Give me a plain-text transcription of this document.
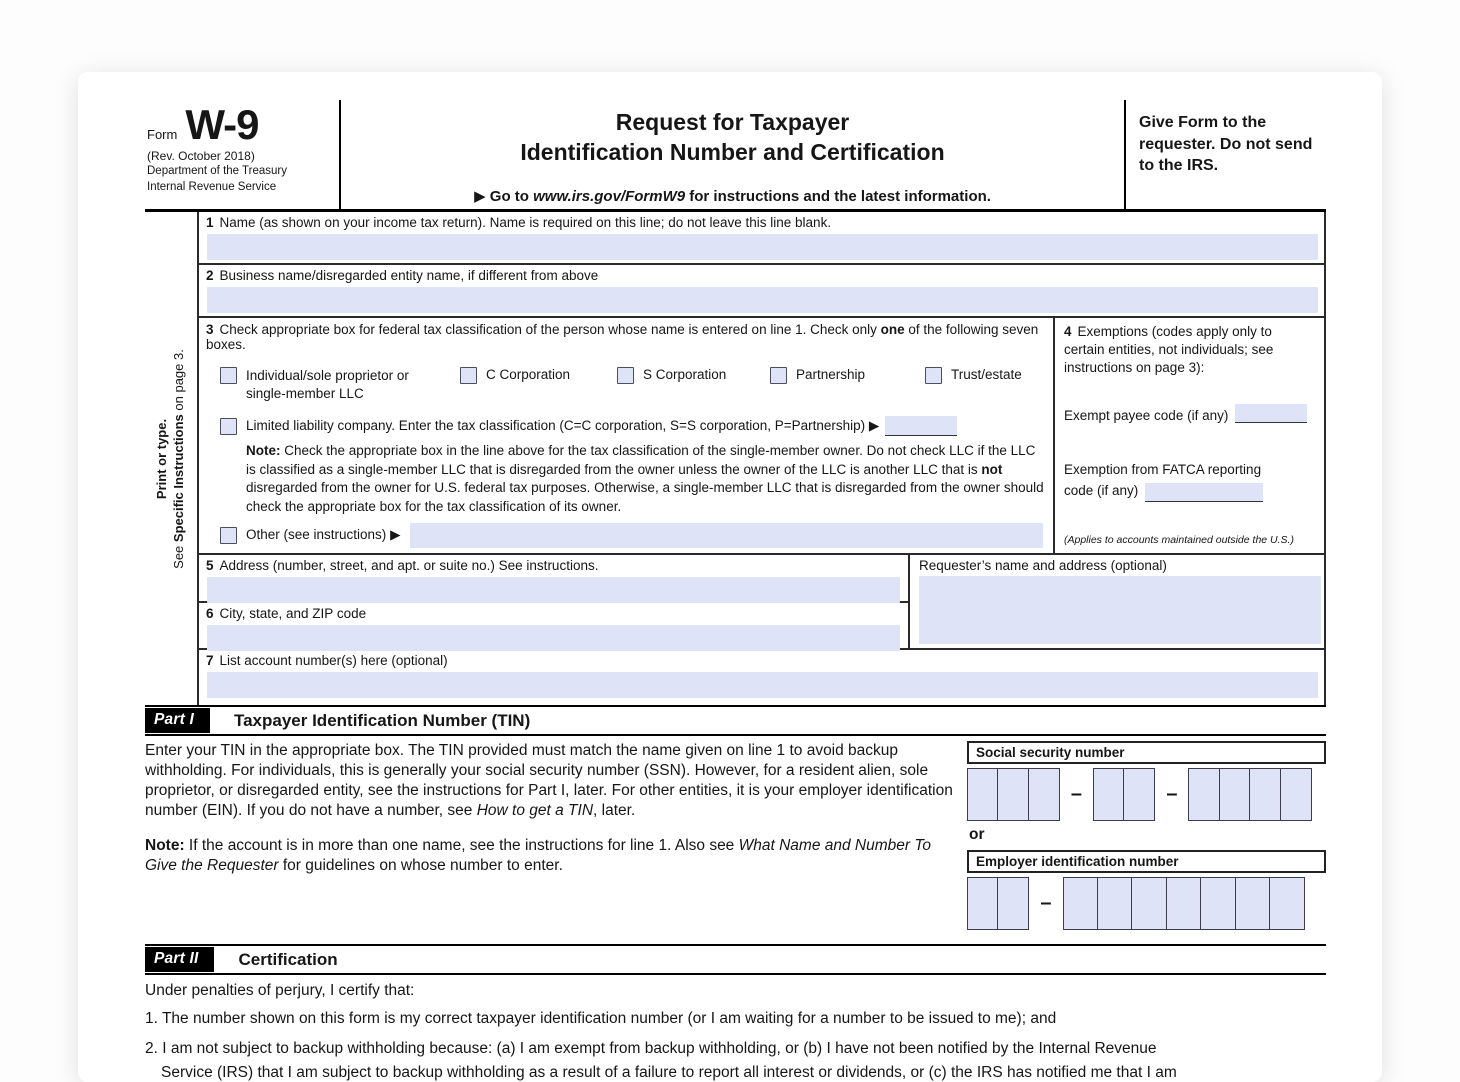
Form W-9
(Rev. October 2018)
Department of the Treasury
Internal Revenue Service
Request for Taxpayer
Identification Number and Certification
▶ Go to www.irs.gov/FormW9 for instructions and the latest information.
Give Form to the requester. Do not send to the IRS.
Print or type.
See Specific Instructions on page 3.
1 Name (as shown on your income tax return). Name is required on this line; do not leave this line blank.
2 Business name/disregarded entity name, if different from above
3 Check appropriate box for federal tax classification of the person whose name is entered on line 1. Check only one of the following seven boxes.
Individual/sole proprietor or single-member LLC
C Corporation	S Corporation	Partnership	Trust/estate
Limited liability company. Enter the tax classification (C=C corporation, S=S corporation, P=Partnership) ▶
Note: Check the appropriate box in the line above for the tax classification of the single-member owner. Do not check LLC if the LLC is classified as a single-member LLC that is disregarded from the owner unless the owner of the LLC is another LLC that is not disregarded from the owner for U.S. federal tax purposes. Otherwise, a single-member LLC that is disregarded from the owner should check the appropriate box for the tax classification of its owner.
Other (see instructions) ▶
4 Exemptions (codes apply only to certain entities, not individuals; see instructions on page 3):
Exempt payee code (if any)
Exemption from FATCA reporting
code (if any)
(Applies to accounts maintained outside the U.S.)
5 Address (number, street, and apt. or suite no.) See instructions.
6 City, state, and ZIP code
Requester’s name and address (optional)
7 List account number(s) here (optional)
Part I	Taxpayer Identification Number (TIN)
Enter your TIN in the appropriate box. The TIN provided must match the name given on line 1 to avoid backup withholding. For individuals, this is generally your social security number (SSN). However, for a resident alien, sole proprietor, or disregarded entity, see the instructions for Part I, later. For other entities, it is your employer identification number (EIN). If you do not have a number, see How to get a TIN, later.
Note: If the account is in more than one name, see the instructions for line 1. Also see What Name and Number To Give the Requester for guidelines on whose number to enter.
Social security number
–	–
or
Employer identification number
–
Part II	Certification
Under penalties of perjury, I certify that:
1. The number shown on this form is my correct taxpayer identification number (or I am waiting for a number to be issued to me); and
2. I am not subject to backup withholding because: (a) I am exempt from backup withholding, or (b) I have not been notified by the Internal Revenue
Service (IRS) that I am subject to backup withholding as a result of a failure to report all interest or dividends, or (c) the IRS has notified me that I am
